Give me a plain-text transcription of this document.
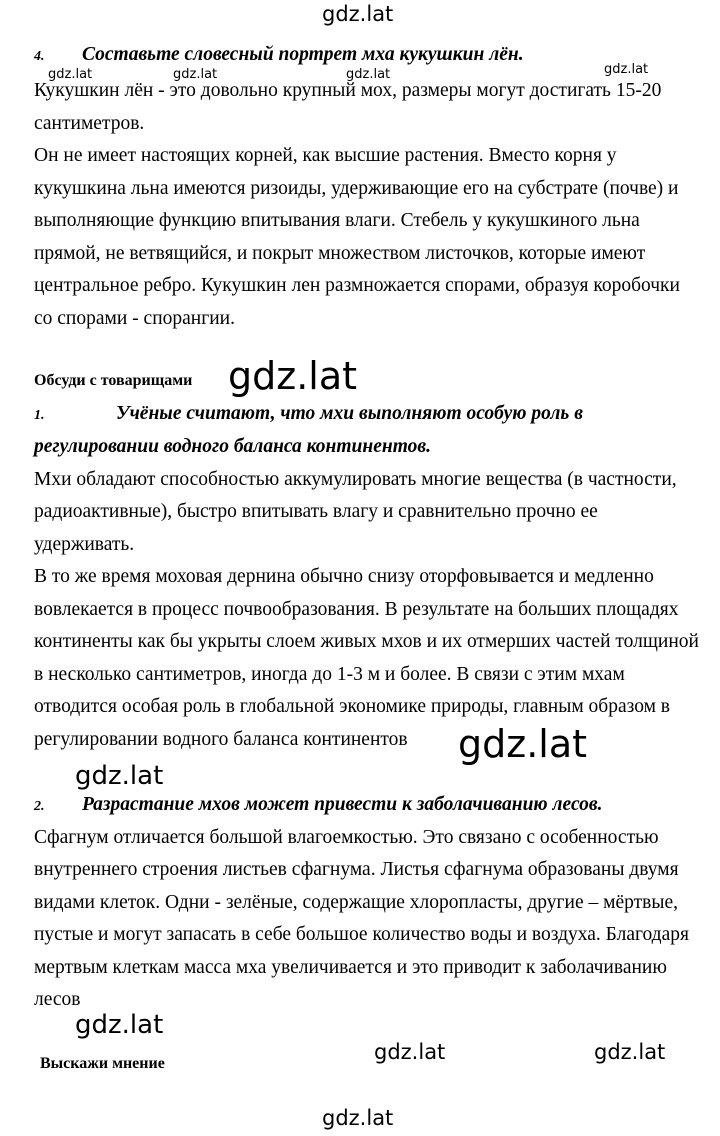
gdz.lat
gdz.lat	gdz.lat	gdz.lat	gdz.lat
gdz.lat
gdz.lat
gdz.lat
gdz.lat
gdz.lat	gdz.lat
gdz.lat
4. Составьте словесный портрет мха кукушкин лён.
Кукушкин лён - это довольно крупный мох, размеры могут достигать 15-20
сантиметров.
Он не имеет настоящих корней, как высшие растения. Вместо корня у
кукушкина льна имеются ризоиды, удерживающие его на субстрате (почве) и
выполняющие функцию впитывания влаги. Стебель у кукушкиного льна
прямой, не ветвящийся, и покрыт множеством листочков, которые имеют
центральное ребро. Кукушкин лен размножается спорами, образуя коробочки
со спорами - спорангии.
Обсуди с товарищами
1.	Учёные считают, что мхи выполняют особую роль в
регулировании водного баланса континентов.
Мхи обладают способностью аккумулировать многие вещества (в частности,
радиоактивные), быстро впитывать влагу и сравнительно прочно ее
удерживать.
В то же время моховая дернина обычно снизу оторфовывается и медленно
вовлекается в процесс почвообразования. В результате на больших площадях
континенты как бы укрыты слоем живых мхов и их отмерших частей толщиной
в несколько сантиметров, иногда до 1-3 м и более. В связи с этим мхам
отводится особая роль в глобальной экономике природы, главным образом в
регулировании водного баланса континентов
2. Разрастание мхов может привести к заболачиванию лесов.
Сфагнум отличается большой влагоемкостью. Это связано с особенностью
внутреннего строения листьев сфагнума. Листья сфагнума образованы двумя
видами клеток. Одни - зелёные, содержащие хлоропласты, другие – мёртвые,
пустые и могут запасать в себе большое количество воды и воздуха. Благодаря
мертвым клеткам масса мха увеличивается и это приводит к заболачиванию
лесов
Выскажи мнение
